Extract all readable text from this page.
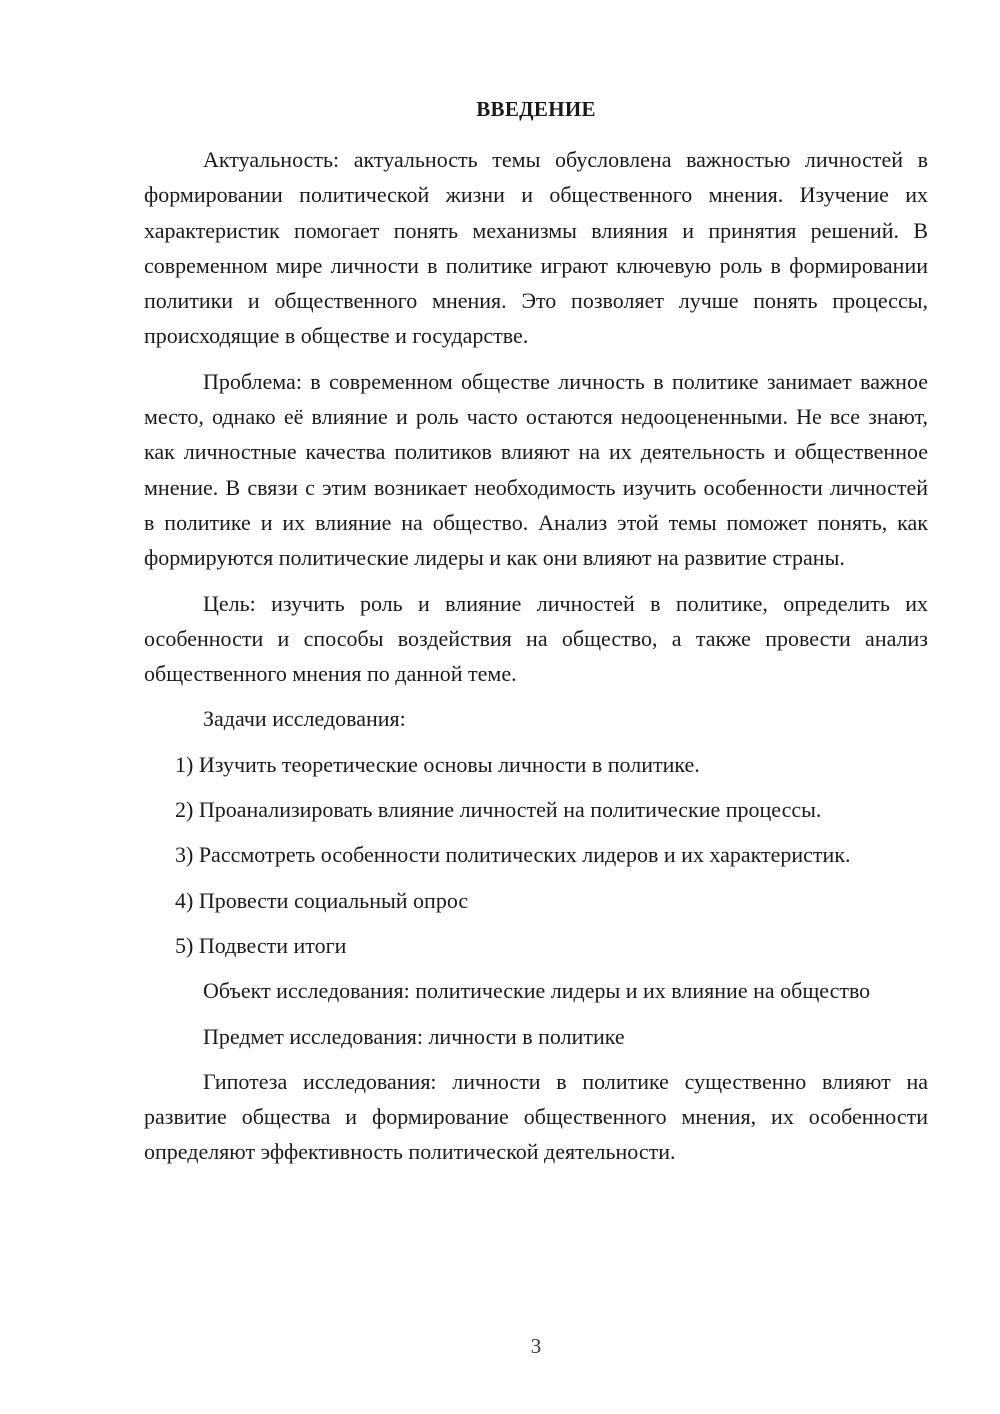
ВВЕДЕНИЕ

Актуальность: актуальность темы обусловлена важностью личностей в формировании политической жизни и общественного мнения. Изучение их характеристик помогает понять механизмы влияния и принятия решений. В современном мире личности в политике играют ключевую роль в формировании политики и общественного мнения. Это позволяет лучше понять процессы, происходящие в обществе и государстве.

Проблема: в современном обществе личность в политике занимает важное место, однако её влияние и роль часто остаются недооцененными. Не все знают, как личностные качества политиков влияют на их деятельность и общественное мнение. В связи с этим возникает необходимость изучить особенности личностей в политике и их влияние на общество. Анализ этой темы поможет понять, как формируются политические лидеры и как они влияют на развитие страны.

Цель: изучить роль и влияние личностей в политике, определить их особенности и способы воздействия на общество, а также провести анализ общественного мнения по данной теме.

Задачи исследования:

1) Изучить теоретические основы личности в политике.

2) Проанализировать влияние личностей на политические процессы.

3) Рассмотреть особенности политических лидеров и их характеристик.

4) Провести социальный опрос

5) Подвести итоги

Объект исследования: политические лидеры и их влияние на общество

Предмет исследования: личности в политике

Гипотеза исследования: личности в политике существенно влияют на развитие общества и формирование общественного мнения, их особенности определяют эффективность политической деятельности.

3
